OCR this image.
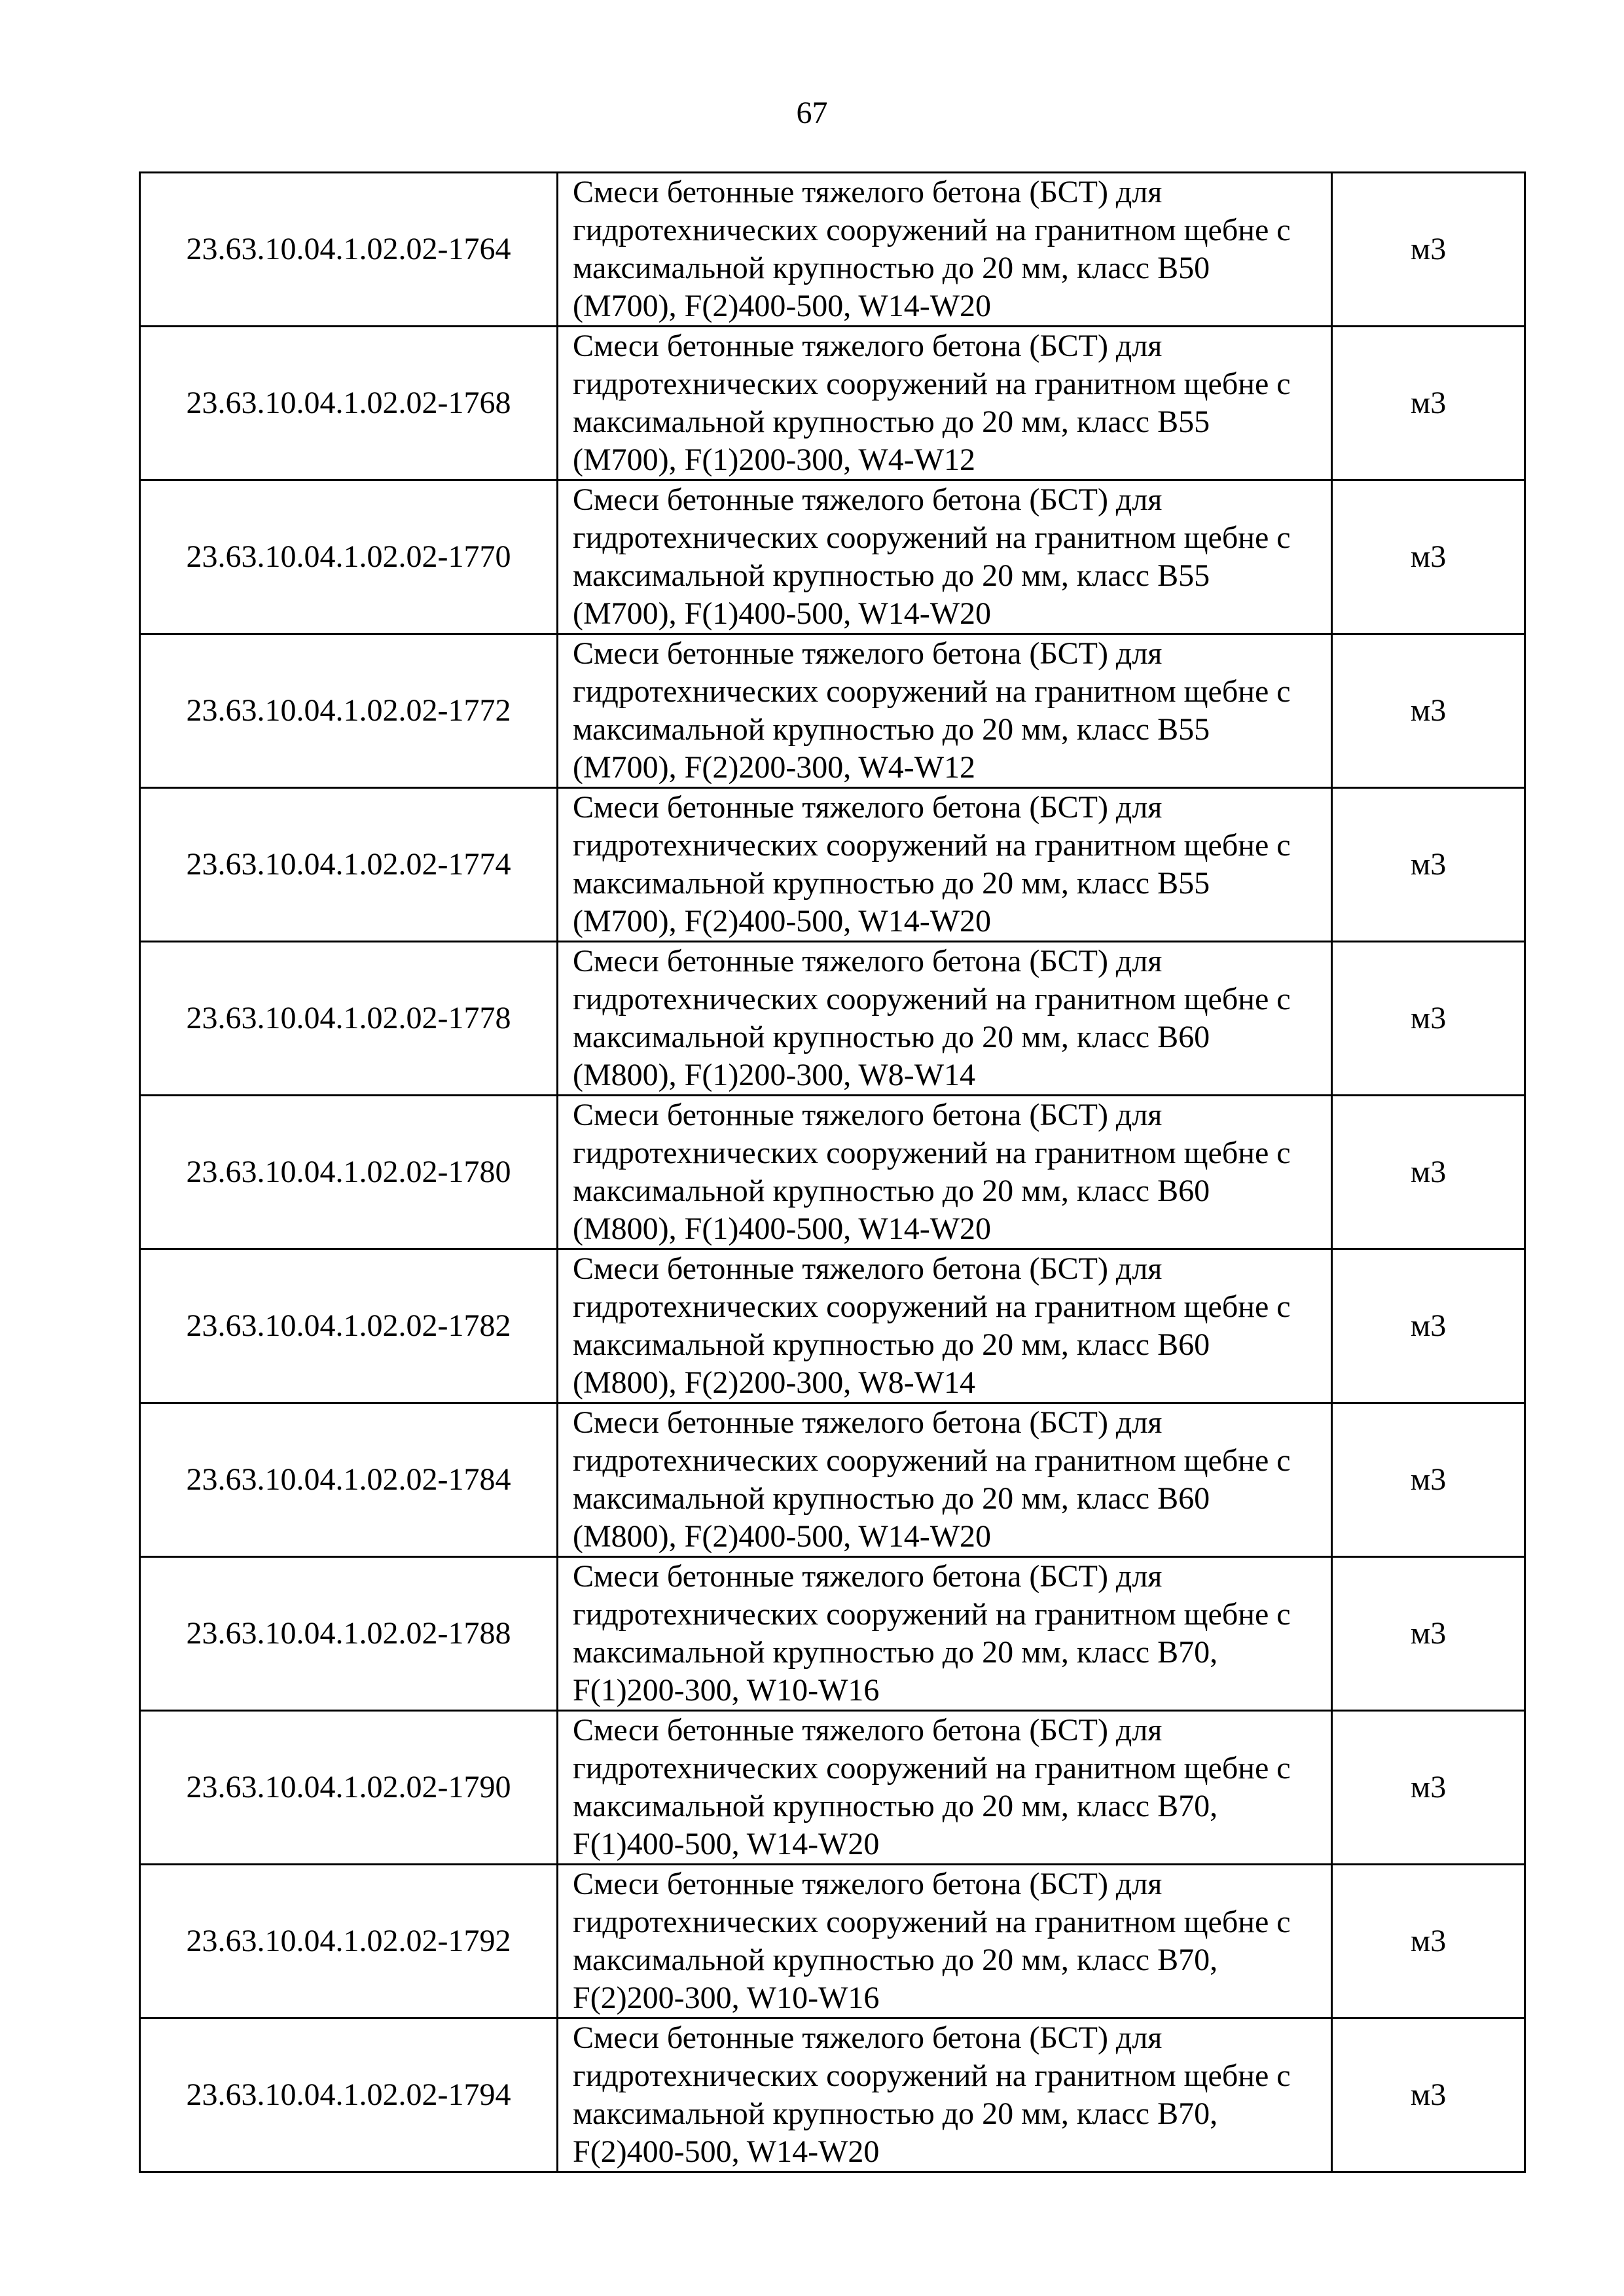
67
23.63.10.04.1.02.02-1764	Смеси бетонные тяжелого бетона (БСТ) для
гидротехнических сооружений на гранитном щебне с
максимальной крупностью до 20 мм, класс В50
(М700), F(2)400-500, W14-W20	м3
23.63.10.04.1.02.02-1768	Смеси бетонные тяжелого бетона (БСТ) для
гидротехнических сооружений на гранитном щебне с
максимальной крупностью до 20 мм, класс В55
(М700), F(1)200-300, W4-W12	м3
23.63.10.04.1.02.02-1770	Смеси бетонные тяжелого бетона (БСТ) для
гидротехнических сооружений на гранитном щебне с
максимальной крупностью до 20 мм, класс В55
(М700), F(1)400-500, W14-W20	м3
23.63.10.04.1.02.02-1772	Смеси бетонные тяжелого бетона (БСТ) для
гидротехнических сооружений на гранитном щебне с
максимальной крупностью до 20 мм, класс В55
(М700), F(2)200-300, W4-W12	м3
23.63.10.04.1.02.02-1774	Смеси бетонные тяжелого бетона (БСТ) для
гидротехнических сооружений на гранитном щебне с
максимальной крупностью до 20 мм, класс В55
(М700), F(2)400-500, W14-W20	м3
23.63.10.04.1.02.02-1778	Смеси бетонные тяжелого бетона (БСТ) для
гидротехнических сооружений на гранитном щебне с
максимальной крупностью до 20 мм, класс В60
(М800), F(1)200-300, W8-W14	м3
23.63.10.04.1.02.02-1780	Смеси бетонные тяжелого бетона (БСТ) для
гидротехнических сооружений на гранитном щебне с
максимальной крупностью до 20 мм, класс В60
(М800), F(1)400-500, W14-W20	м3
23.63.10.04.1.02.02-1782	Смеси бетонные тяжелого бетона (БСТ) для
гидротехнических сооружений на гранитном щебне с
максимальной крупностью до 20 мм, класс В60
(М800), F(2)200-300, W8-W14	м3
23.63.10.04.1.02.02-1784	Смеси бетонные тяжелого бетона (БСТ) для
гидротехнических сооружений на гранитном щебне с
максимальной крупностью до 20 мм, класс В60
(М800), F(2)400-500, W14-W20	м3
23.63.10.04.1.02.02-1788	Смеси бетонные тяжелого бетона (БСТ) для
гидротехнических сооружений на гранитном щебне с
максимальной крупностью до 20 мм, класс В70,
F(1)200-300, W10-W16	м3
23.63.10.04.1.02.02-1790	Смеси бетонные тяжелого бетона (БСТ) для
гидротехнических сооружений на гранитном щебне с
максимальной крупностью до 20 мм, класс В70,
F(1)400-500, W14-W20	м3
23.63.10.04.1.02.02-1792	Смеси бетонные тяжелого бетона (БСТ) для
гидротехнических сооружений на гранитном щебне с
максимальной крупностью до 20 мм, класс В70,
F(2)200-300, W10-W16	м3
23.63.10.04.1.02.02-1794	Смеси бетонные тяжелого бетона (БСТ) для
гидротехнических сооружений на гранитном щебне с
максимальной крупностью до 20 мм, класс В70,
F(2)400-500, W14-W20	м3
